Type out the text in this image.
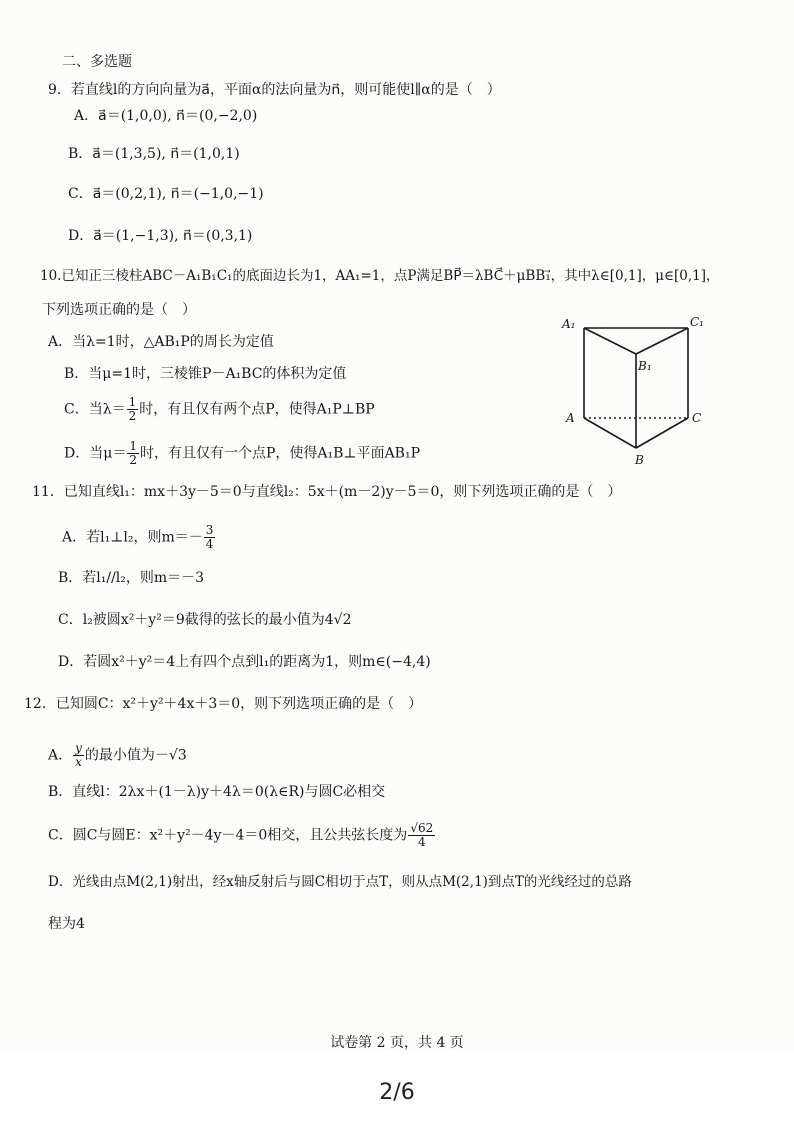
二、多选题
9．若直线l的方向向量为a⃗，平面α的法向量为n⃗，则可能使l∥α的是（　）
A．a⃗＝(1,0,0), n⃗＝(0,−2,0)
B．a⃗＝(1,3,5), n⃗＝(1,0,1)
C．a⃗＝(0,2,1), n⃗＝(−1,0,−1)
D．a⃗＝(1,−1,3), n⃗＝(0,3,1)
10.已知正三棱柱ABC－A₁B₁C₁的底面边长为1，AA₁=1，点P满足BP⃗＝λBC⃗＋μBB₁⃗，其中λ∈[0,1]，μ∈[0,1]，
下列选项正确的是（　）
A．当λ=1时，△AB₁P的周长为定值
B．当μ=1时，三棱锥P－A₁BC的体积为定值
C．当$\lambda= \frac{1}{2}$ 时，有且仅有两个点P，使得A₁P⊥BP
D．当$\mu= \frac{1}{2}$ 时，有且仅有一个点P，使得A₁B⊥平面AB₁P
A₁	C₁
B₁
A	C
B
11．已知直线l₁：mx＋3y－5＝0与直线l₂：5x＋(m－2)y－5＝0，则下列选项正确的是（　）
A．若l₁⊥l₂，则$m=- \frac{3}{4}$
B．若l₁//l₂，则m＝－3
C．l₂被圆x²＋y²＝9截得的弦长的最小值为4√2
D．若圆x²＋y²＝4上有四个点到l₁的距离为1，则m∈(−4,4)
12．已知圆C：x²＋y²＋4x＋3＝0，则下列选项正确的是（　）
A． $\frac{y}{x}$ 的最小值为－√3
B．直线l：2λx＋(1－λ)y＋4λ＝0(λ∈R)与圆C必相交
C．圆C与圆E：x²＋y²－4y－4＝0相交，且公共弦长度为 $\frac{√62}{4}$
D．光线由点M(2,1)射出，经x轴反射后与圆C相切于点T，则从点M(2,1)到点T的光线经过的总路
程为4
试卷第 2 页，共 4 页
2/6
